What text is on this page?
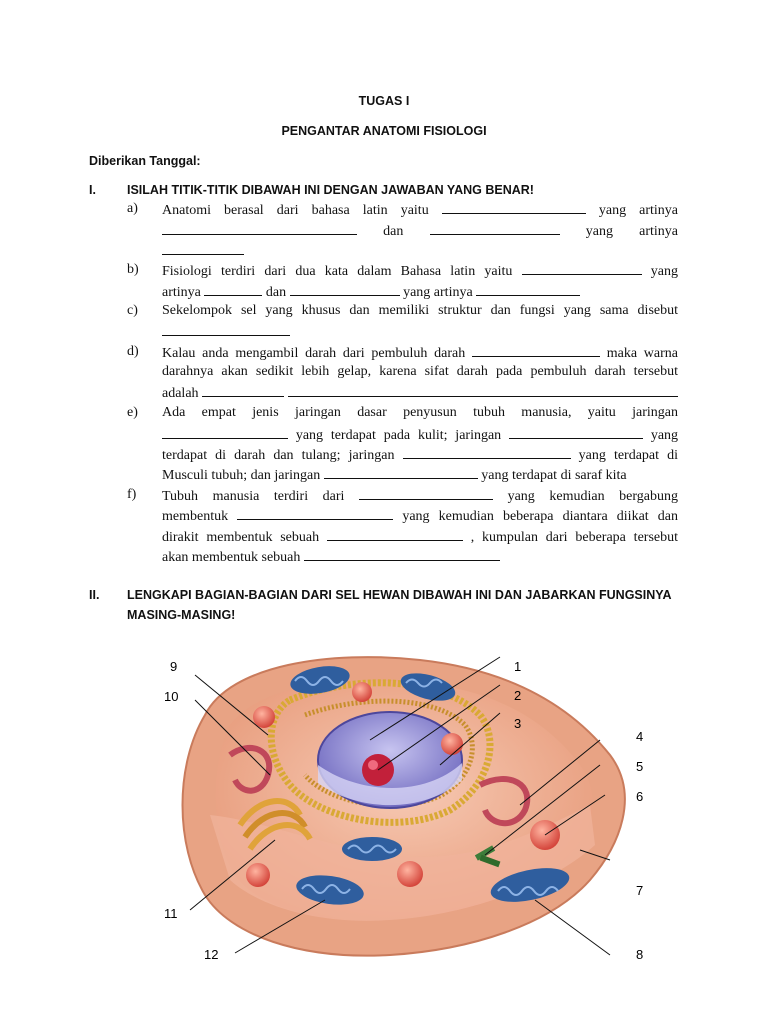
TUGAS I
PENGANTAR ANATOMI FISIOLOGI
Diberikan Tanggal:
I. ISILAH TITIK-TITIK DIBAWAH INI DENGAN JAWABAN YANG BENAR!
a) Anatomi berasal dari bahasa latin yaitu	yang artinya
dan	yang artinya
b) Fisiologi terdiri dari dua kata dalam Bahasa latin yaitu	yang
artinya	dan	yang artinya
c) Sekelompok sel yang khusus dan memiliki struktur dan fungsi yang sama disebut
d) Kalau anda mengambil darah dari pembuluh darah	maka warna
darahnya akan sedikit lebih gelap, karena sifat darah pada pembuluh darah tersebut
adalah
e) Ada empat jenis jaringan dasar penyusun tubuh manusia, yaitu jaringan
yang terdapat pada kulit; jaringan	yang
terdapat di darah dan tulang; jaringan	yang terdapat di
Musculi tubuh; dan jaringan	yang terdapat di saraf kita
f) Tubuh manusia terdiri dari	yang kemudian bergabung
membentuk	yang kemudian beberapa diantara diikat dan
dirakit membentuk sebuah	, kumpulan dari beberapa tersebut
akan membentuk sebuah
II. LENGKAPI BAGIAN-BAGIAN DARI SEL HEWAN DIBAWAH INI DAN JABARKAN FUNGSINYA
MASING-MASING!
1
2
3
4
5
6
7
8
9
10
11
12
